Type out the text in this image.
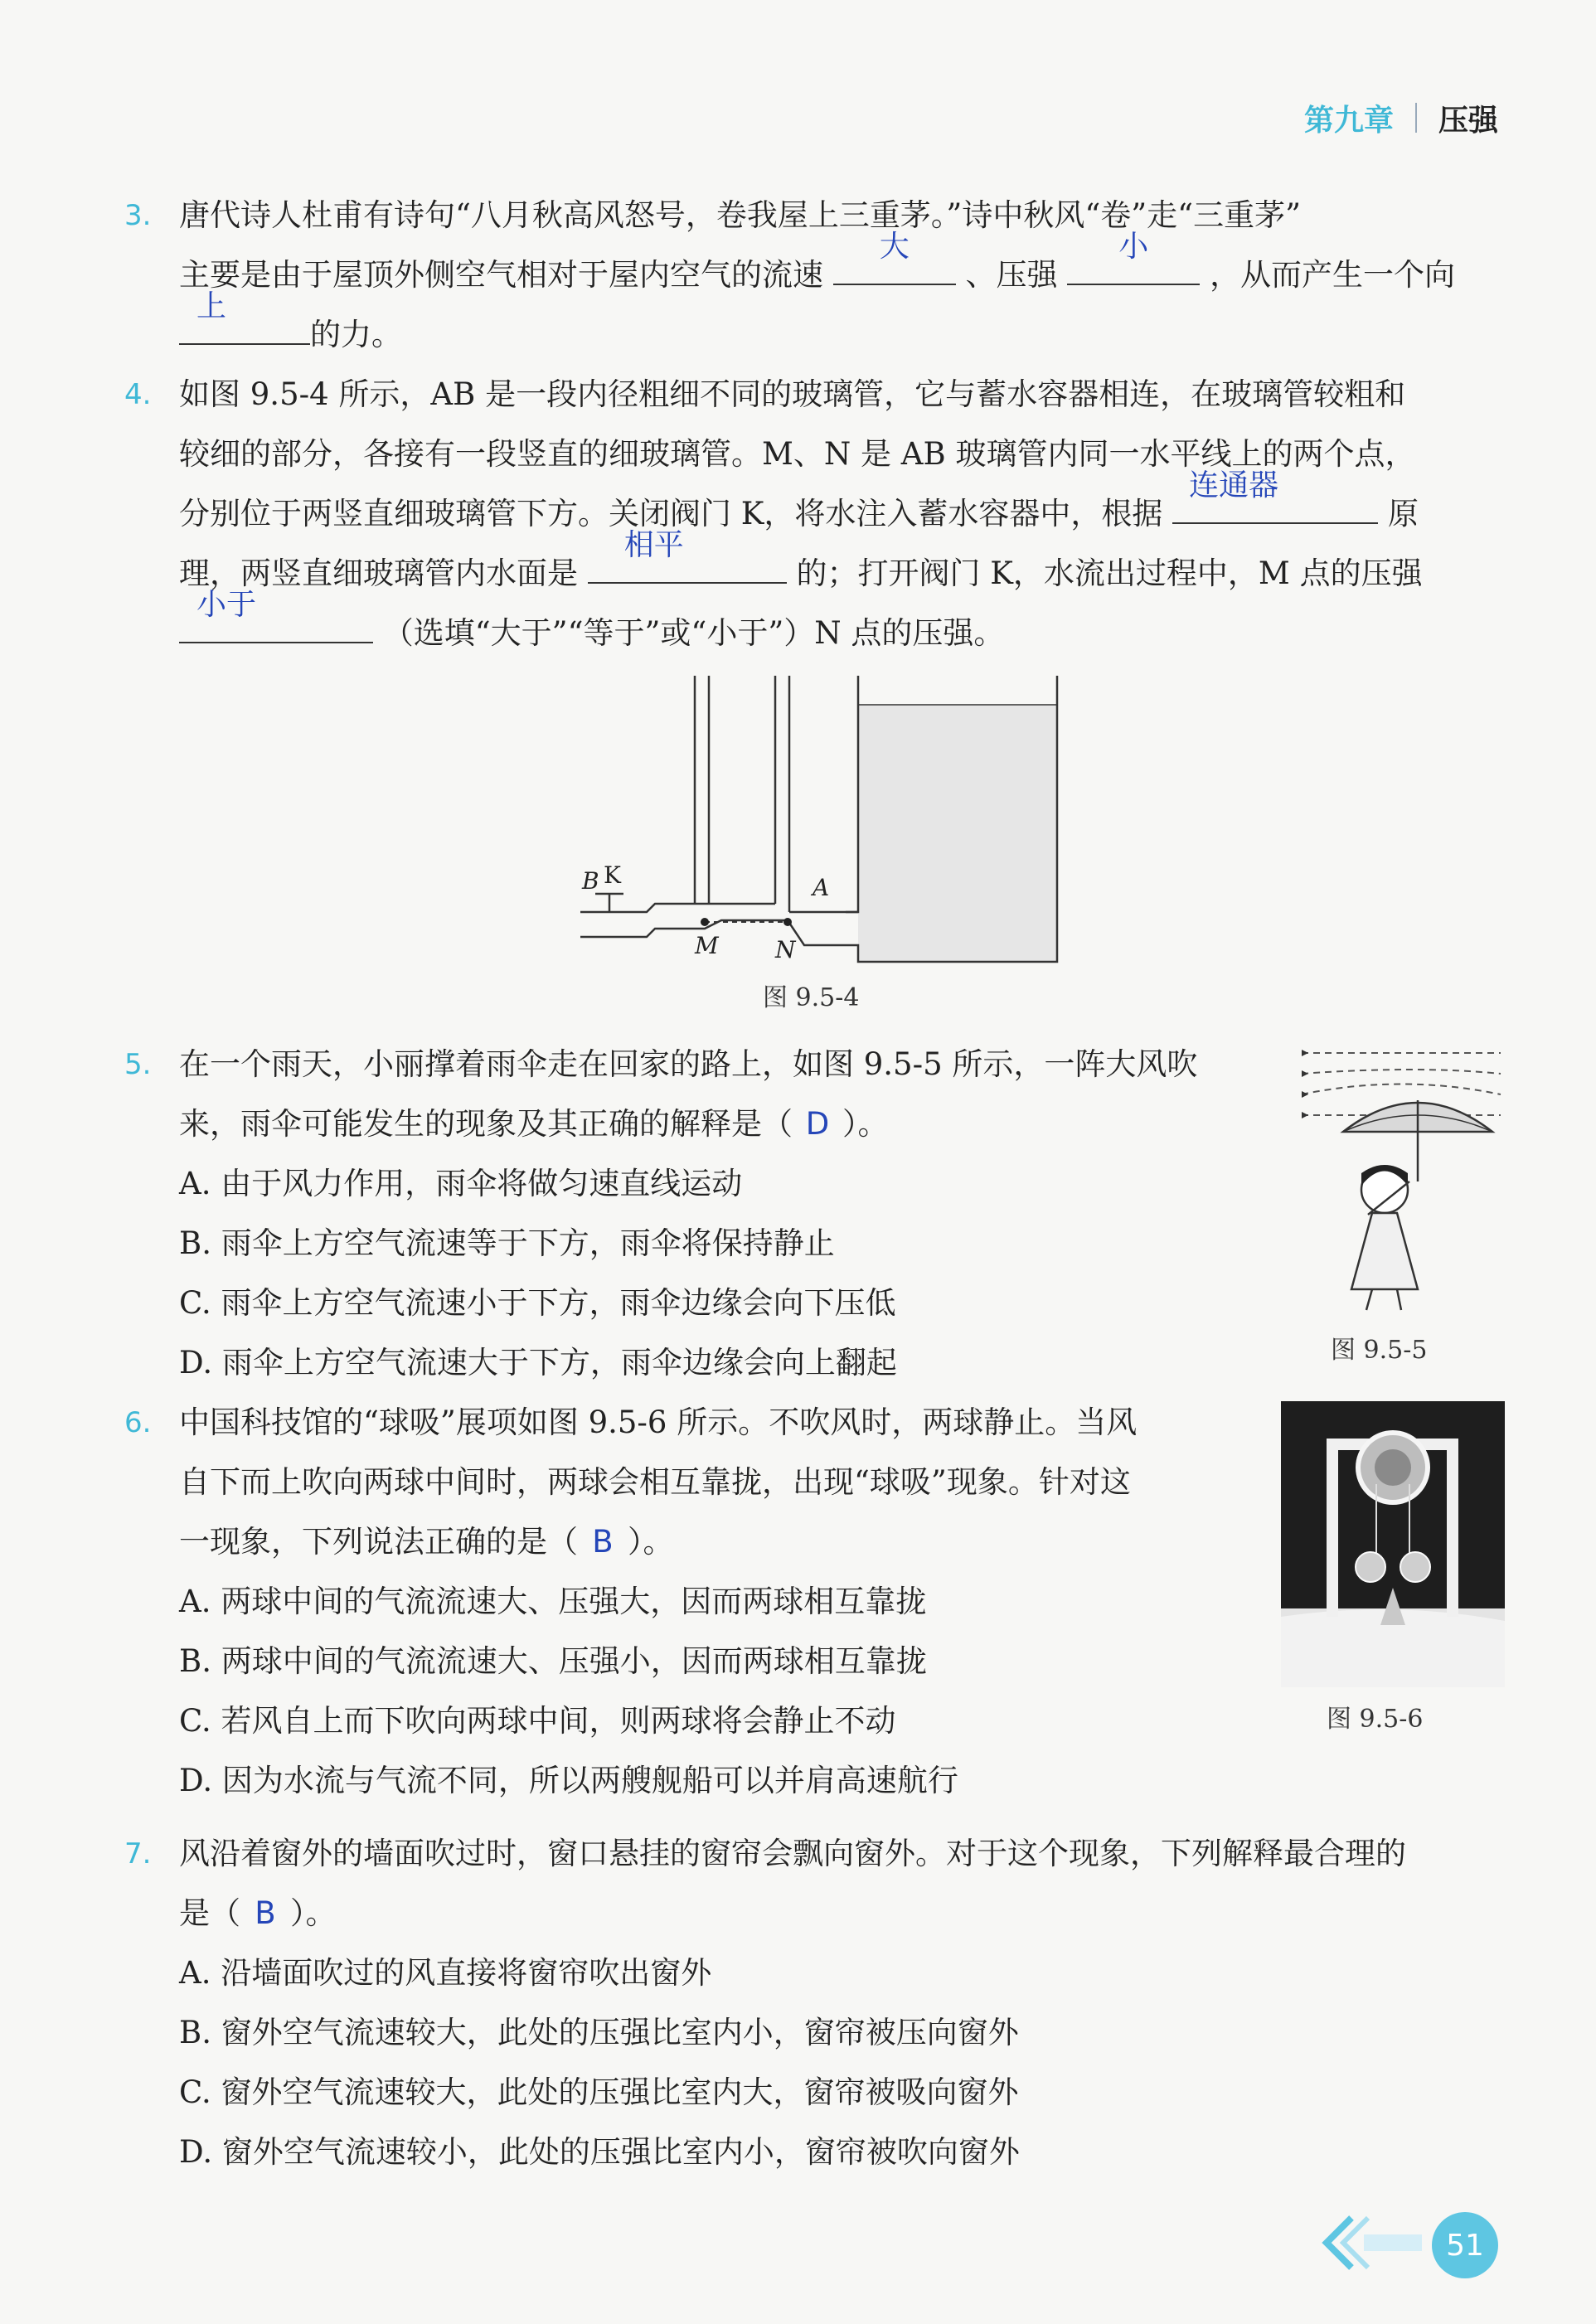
第九章 压强
3. 唐代诗人杜甫有诗句“八月秋高风怒号，卷我屋上三重茅。”诗中秋风“卷”走“三重茅”
主要是由于屋顶外侧空气相对于屋内空气的流速
大
、压强
小
，从而产生一个向
上
的力。
4. 如图 9.5-4 所示，AB 是一段内径粗细不同的玻璃管，它与蓄水容器相连，在玻璃管较粗和
较细的部分，各接有一段竖直的细玻璃管。M、N 是 AB 玻璃管内同一水平线上的两个点，
分别位于两竖直细玻璃管下方。关闭阀门 K，将水注入蓄水容器中，根据
连通器
原
理，两竖直细玻璃管内水面是
相平
的；打开阀门 K，水流出过程中，M 点的压强
小于
（选填“大于”“等于”或“小于”）N 点的压强。
B K	A
M N
图 9.5-4
5. 在一个雨天，小丽撑着雨伞走在回家的路上，如图 9.5-5 所示，一阵大风吹
来，雨伞可能发生的现象及其正确的解释是（ D ）。
A. 由于风力作用，雨伞将做匀速直线运动
B. 雨伞上方空气流速等于下方，雨伞将保持静止
C. 雨伞上方空气流速小于下方，雨伞边缘会向下压低
D. 雨伞上方空气流速大于下方，雨伞边缘会向上翻起	图 9.5-5
6. 中国科技馆的“球吸”展项如图 9.5-6 所示。不吹风时，两球静止。当风
自下而上吹向两球中间时，两球会相互靠拢，出现“球吸”现象。针对这
一现象，下列说法正确的是（ B ）。
A. 两球中间的气流流速大、压强大，因而两球相互靠拢
B. 两球中间的气流流速大、压强小，因而两球相互靠拢
C. 若风自上而下吹向两球中间，则两球将会静止不动
D. 因为水流与气流不同，所以两艘舰船可以并肩高速航行
图 9.5-6
7. 风沿着窗外的墙面吹过时，窗口悬挂的窗帘会飘向窗外。对于这个现象，下列解释最合理的
是（ B ）。
A. 沿墙面吹过的风直接将窗帘吹出窗外
B. 窗外空气流速较大，此处的压强比室内小，窗帘被压向窗外
C. 窗外空气流速较大，此处的压强比室内大，窗帘被吸向窗外
D. 窗外空气流速较小，此处的压强比室内小，窗帘被吹向窗外
51
